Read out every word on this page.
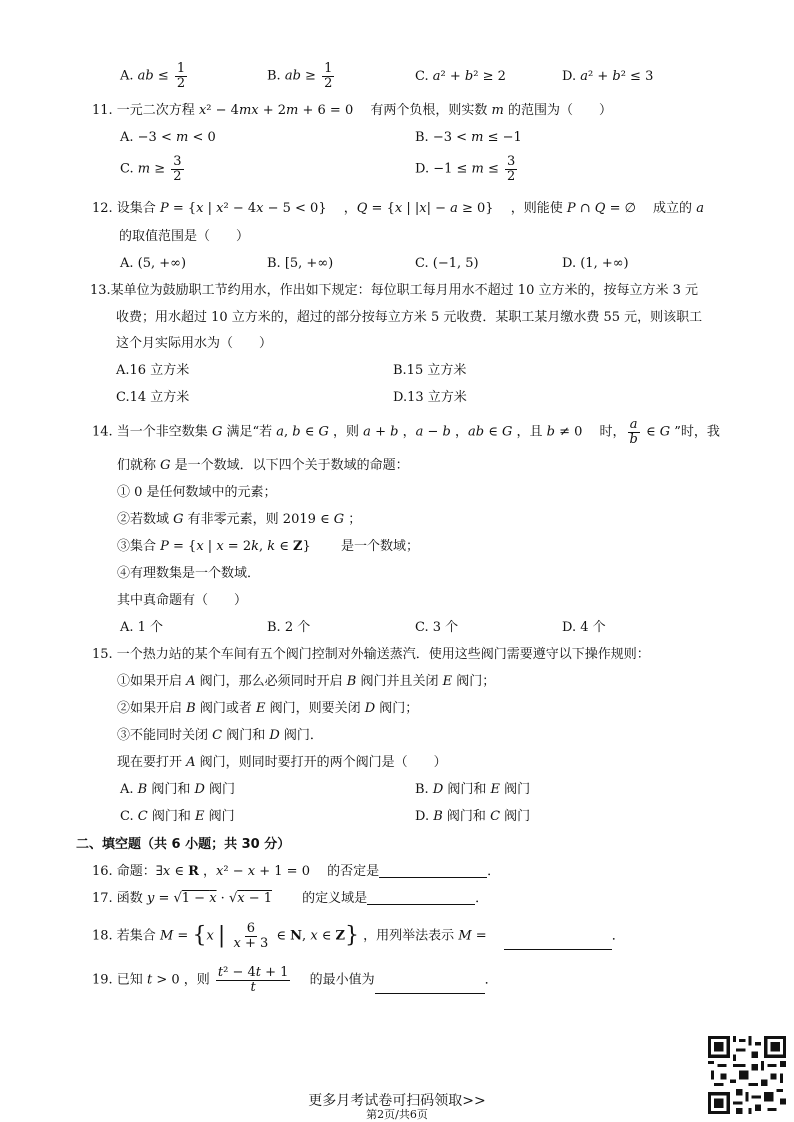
A. ab ≤ $\frac{1}{2}$	B. ab ≥ $\frac{1}{2}$	C. a² + b² ≥ 2	D. a² + b² ≤ 3
11. 一元二次方程 x² − 4mx + 2m + 6 = 0 　有两个负根，则实数 m 的范围为（　　）
A. −3 < m < 0	B. −3 < m ≤ −1
C. $m \ge \frac{3}{2}$	D. $-1 \le m \le \frac{3}{2}$
12. 设集合 P = {x | x² − 4x − 5 < 0} 　，Q = {x | |x| − a ≥ 0} 　，则能使 P ∩ Q = ∅ 　成立的 a
的取值范围是（　　）
A. (5, +∞)	B. [5, +∞)	C. (−1, 5)	D. (1, +∞)
13.某单位为鼓励职工节约用水，作出如下规定：每位职工每月用水不超过 10 立方米的，按每立方米 3 元
收费；用水超过 10 立方米的，超过的部分按每立方米 5 元收费．某职工某月缴水费 55 元，则该职工
这个月实际用水为（　　）
A.16 立方米	B.15 立方米
C.14 立方米	D.13 立方米
14. 当一个非空数集 G 满足“若 a, b ∈ G ，则 a + b ，a − b ，ab ∈ G ，且 b ≠ 0 　时， $\frac{a}{b}$ ∈ G ”时，我
们就称 G 是一个数域．以下四个关于数域的命题：
① 0 是任何数域中的元素；
②若数域 G 有非零元素，则 2019 ∈ G ；
③集合 P = {x | x = 2k, k ∈ Z} 　　是一个数域；
④有理数集是一个数域．
其中真命题有（　　）
A. 1 个	B. 2 个	C. 3 个	D. 4 个
15. 一个热力站的某个车间有五个阀门控制对外输送蒸汽．使用这些阀门需要遵守以下操作规则：
①如果开启 A 阀门，那么必须同时开启 B 阀门并且关闭 E 阀门；
②如果开启 B 阀门或者 E 阀门，则要关闭 D 阀门；
③不能同时关闭 C 阀门和 D 阀门．
现在要打开 A 阀门，则同时要打开的两个阀门是（　　）
A. B 阀门和 D 阀门	B. D 阀门和 E 阀门
C. C 阀门和 E 阀门	D. B 阀门和 C 阀门
二、填空题（共 6 小题；共 30 分）
16. 命题：∃x ∈ R ，x² − x + 1 = 0 　的否定是	．
17. 函数 y = √1 − x · √x − 1 　　的定义域是	．
18. 若集合 M = {x | $\frac{6}{x + 3}$ ∈ N, x ∈ Z} ，用列举法表示 M = 　	．
19. 已知 t > 0 ，则 $\frac{\text{t² − 4t + 1}}{t}$ 　的最小值为	．
更多月考试卷可扫码领取>>
第2页/共6页
